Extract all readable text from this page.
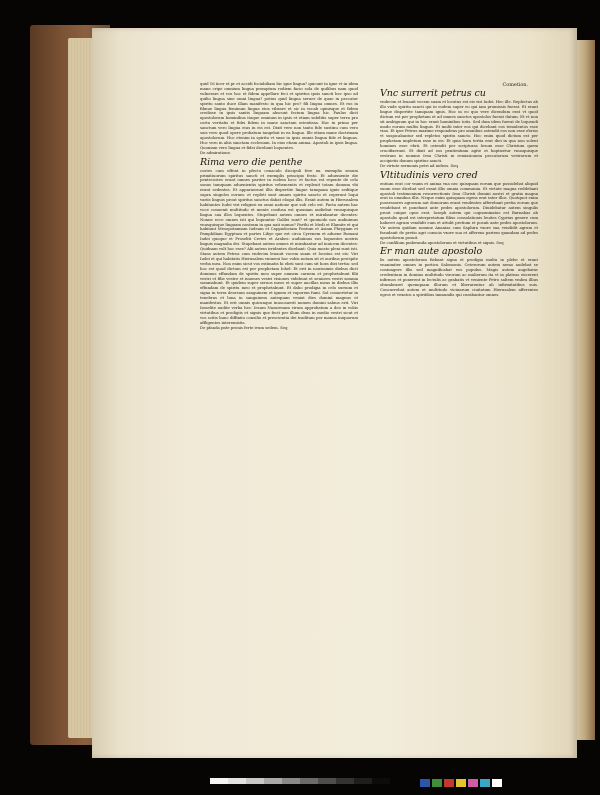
quid 16 iicer et pr et accidi fociabiliam hic igne lingua? quicunt in igne vt in idem mane cripe omnium lingua promptum rodiem facio sola de quilibus nam quod vulnerare et vos hoc et fidem appellare feci et spiritus ipsis sancti hec ipso ad quilio lingua sine omni lingua? potius quid lingua seruer de quae in peccator spiritu santo duce illam manifesto in qua hic pro? fili lingua omnes. Et rus in fibnue lingua feminum lingua eius vibrare et sic in vocab opinisque et fidem credisse in ipsis santis linguam abscunt fecium lingua hic. Paulus dicit apostolorum hominibus itaque omnium in ipsis et etiam subditis super terra pro certa veritatis et fidei fidem in mane sanctam orientissa. Hoc in primo per sanctum vero lingua eius in eis est. Dixit vero non tanto fide sustinu cum vero suis vero quod opere probatum tangebat in ea lingua. Ille etiam mane doctrinam apostolorum. Hoc etenim in spiritu vt suae in ipsis omnis lingua fide et linguas. Hoc vero in aliis sanctam ecclesiam. In eius etiam anima. Apostoli in ipsis lingua. Quoniam vero lingua et fidei dicebant loquentes.
De admiratione.
Rima vero die penthe
costes cum effent in pfecto cenaculo discipuli fere xx. exemplis senum primitiuorum spiritus sancti et exemplis principio festo. Et adueniente die pentecostes erant omnes pariter in eodem loco: et factus est repente de celo sonus tamquam aduenientis spiritus vehementis et repleuit totam domum vbi erant sedentes. Et apparuerunt illis dispertite lingue tamquam ignis seditque supra singulos eorum: et repleti sunt omnes spiritu sancto et ceperunt loqui variis linguis prout spiritus sanctus dabat eloqui illis. Erant autem in Hierusalem habitantes Iudei viri religiosi ex omni natione que sub celo est. Facta autem hac voce conuenit multitudo et mente confusa est quoniam audiebat vnusquisque lingua sua illos loquentes. Stupebant autem omnes et mirabantur dicentes: Nonne ecce omnes isti qui loquuntur Galilei sunt? et quomodo nos audiuimus vnusquisque linguam nostram in qua nati sumus? Parthi et Medi et Elamite et qui habitant Mesopotamiam Iudeam et Cappadociam Pontum et Asiam Phrygiam et Pamphiliam Egyptum et partes Libye que est circa Cyrenem et aduene Romani Iudei quoque et Proseliti Cretes et Arabes: audiuimus eos loquentes nostris linguis magnalia dei. Stupebant autem omnes et mirabantur ad inuicem dicentes: Quidnam vult hoc esse? Alii autem irridentes dicebant: Quia musto pleni sunt isti. Stans autem Petrus cum vndecim leuauit vocem suam et locutus est eis: Viri Iudei et qui habitatis Hierusalem vniuersi hoc vobis notum sit et auribus percipite verba mea. Non enim sicut vos estimatis hi ebrii sunt cum sit hora diei tertia: sed hoc est quod dictum est per prophetam Iohel: Et erit in nouissimis diebus dicit dominus effundam de spiritu meo super omnem carnem et prophetabunt filii vestri et filie vestre et iuuenes vestri visiones videbunt et seniores vestri somnia somniabunt. Et quidem super seruos meos et super ancillas meas in diebus illis effundam de spiritu meo et prophetabunt. Et dabo prodigia in celo sursum et signa in terra deorsum sanguinem et ignem et vaporem fumi. Sol conuertetur in tenebras et luna in sanguinem antequam veniat dies domini magnus et manifestus. Et erit omnis quicunque inuocauerit nomen domini saluus erit. Viri Israelite audite verba hec: Iesum Nazarenum virum approbatum a deo in vobis virtutibus et prodigiis et signis que fecit per illum deus in medio vestri sicut et vos scitis hunc diffinito consilio et prescientia dei traditum per manus iniquorum affligentes interemistis.
De pfanda pnte pronis ferte ivum sedem. Seq
Cometion.
Vnc surrerit petrus cu
vndecim et leuauit vocem suam et locutus est eis viri Iudei. Hec ille. Replectus ab illo vnde spiritu sancti qui in eodem super eo qui iam promissis fuerat. Et erant lingue dispertite tamquam ignis. Hoc in eo quo vere dicendum erat vt quod dictum est per prophetam et ad omnes sanctos apostolos fuerat datum. Et vt non sit ambiguum qui in hoc erant hominibus totis. Sed dum idem fuerat de loquendi modo eorum multis linguis. Et multi inter eos qui dicebant eos temulentos esse vino. Et ipse Petrus maxime respondens pro omnibus ostendit eos non esse ebrios vt suspicabantur sed repletos spiritu sancto. Hoc enim quod dictum est per prophetam impletum esse in eis. Et quia hora tertia erat diei in qua non solent homines esse ebrii. Et ostendit per scripturas Iesum esse Christum quem crucifixerunt. Et dixit ad eos penitentiam agite et baptizetur vnusquisque vestrum in nomine Iesu Christi in remissionem peccatorum vestrorum et accipietis donum spiritus sancti.
De virtute sermonis petri ad iudeos. Seq
Vltitudinis vero cred
entium erat cor vnum et anima vna nec quisquam eorum que possidebat aliquid suum esse dicebat sed erant illis omnia communia. Et virtute magna reddebant apostoli testimonium resurrectionis Iesu Christi domini nostri et gratia magna erat in omnibus illis. Neque enim quisquam egens erat inter illos. Quotquot enim possessores agrorum aut domorum erant vendentes afferebant pretia eorum que vendebant et ponebant ante pedes apostolorum. Diuidebatur autem singulis prout cuique opus erat. Ioseph autem qui cognominatus est Barnabas ab apostolis quod est interpretatum filius consolationis leuites Cyprius genere cum haberet agrum vendidit eum et attulit pretium et posuit ante pedes apostolorum. Vir autem quidam nomine Ananias cum Saphira vxore sua vendidit agrum et fraudauit de pretio agri conscia vxore sua et afferens partem quandam ad pedes apostolorum posuit.
De confilium pnderanda apostolorum et virtutibus et signis. Seq
Er man aute apostolo
lis autem apostolorum fiebant signa et prodigia multa in plebe et erant vnanimiter omnes in porticu Salomonis. Ceterorum autem nemo audebat se coniungere illis sed magnificabat eos populus. Magis autem augebatur credentium in domino multitudo virorum ac mulierum ita vt in plateas eiicerent infirmos et ponerent in lectulis ac grabatis vt veniente Petro saltem vmbra illius obumbraret quemquam illorum et liberarentur ab infirmitatibus suis. Concurrebat autem et multitudo vicinarum ciuitatum Hierusalem afferentes egros et vexatos a spiritibus immundis qui curabantur omnes.
